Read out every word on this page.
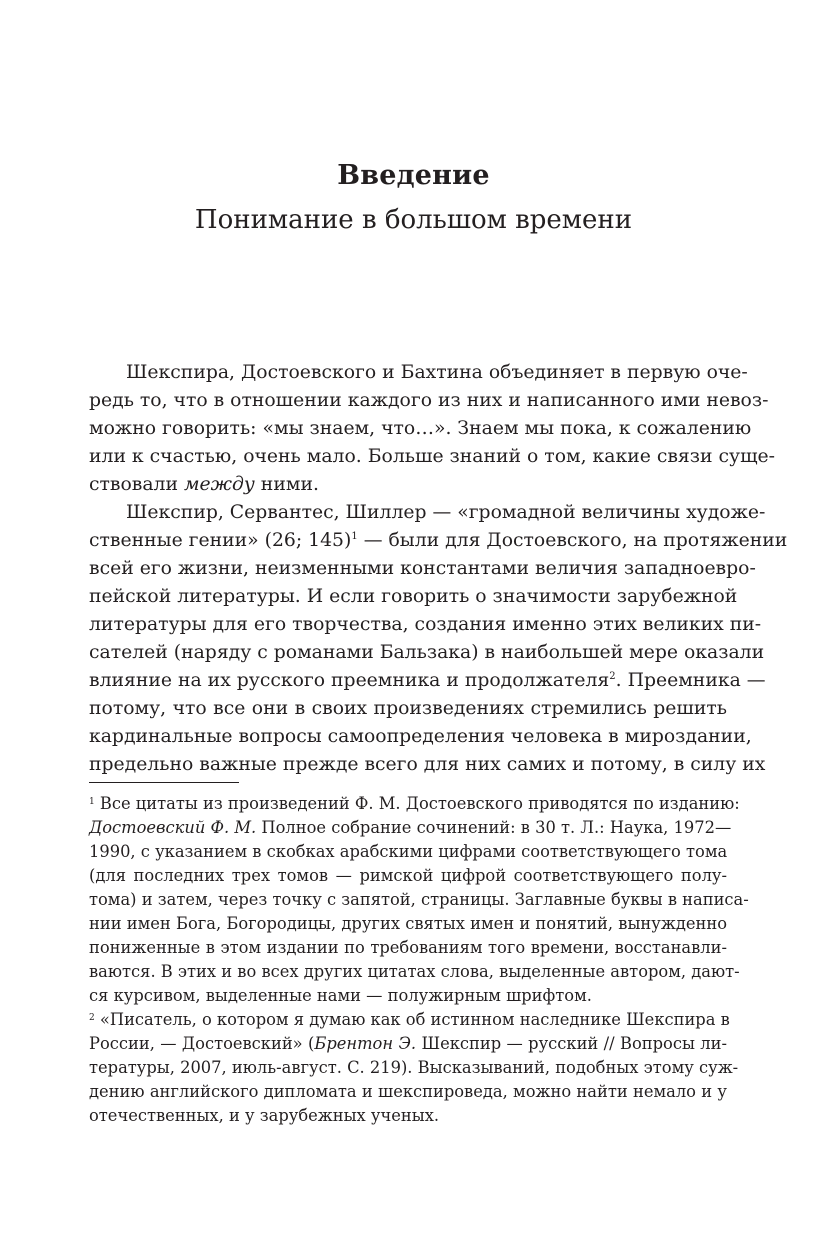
Введение
Понимание в большом времени
Шекспира, Достоевского и Бахтина объединяет в первую оче-
редь то, что в отношении каждого из них и написанного ими невоз-
можно говорить: «мы знаем, что…». Знаем мы пока, к сожалению
или к счастью, очень мало. Больше знаний о том, какие связи суще-
ствовали между ними.
Шекспир, Сервантес, Шиллер — «громадной величины художе-
ственные гении» (26; 145)$^1$ — были для Достоевского, на протяжении
всей его жизни, неизменными константами величия западноевро-
пейской литературы. И если говорить о значимости зарубежной
литературы для его творчества, создания именно этих великих пи-
сателей (наряду с романами Бальзака) в наибольшей мере оказали
влияние на их русского преемника и продолжателя$^2$. Преемника —
потому, что все они в своих произведениях стремились решить
кардинальные вопросы самоопределения человека в мироздании,
предельно важные прежде всего для них самих и потому, в силу их
$^1$ Все цитаты из произведений Ф. М. Достоевского приводятся по изданию:
Достоевский Ф. М. Полное собрание сочинений: в 30 т. Л.: Наука, 1972—
1990, с указанием в скобках арабскими цифрами соответствующего тома
(для последних трех томов — римской цифрой соответствующего полу-
тома) и затем, через точку с запятой, страницы. Заглавные буквы в написа-
нии имен Бога, Богородицы, других святых имен и понятий, вынужденно
пониженные в этом издании по требованиям того времени, восстанавли-
ваются. В этих и во всех других цитатах слова, выделенные автором, дают-
ся курсивом, выделенные нами — полужирным шрифтом.
$^2$ «Писатель, о котором я думаю как об истинном наследнике Шекспира в
России, — Достоевский» (Брентон Э. Шекспир — русский // Вопросы ли-
тературы, 2007, июль-август. С. 219). Высказываний, подобных этому суж-
дению английского дипломата и шекспироведа, можно найти немало и у
отечественных, и у зарубежных ученых.
